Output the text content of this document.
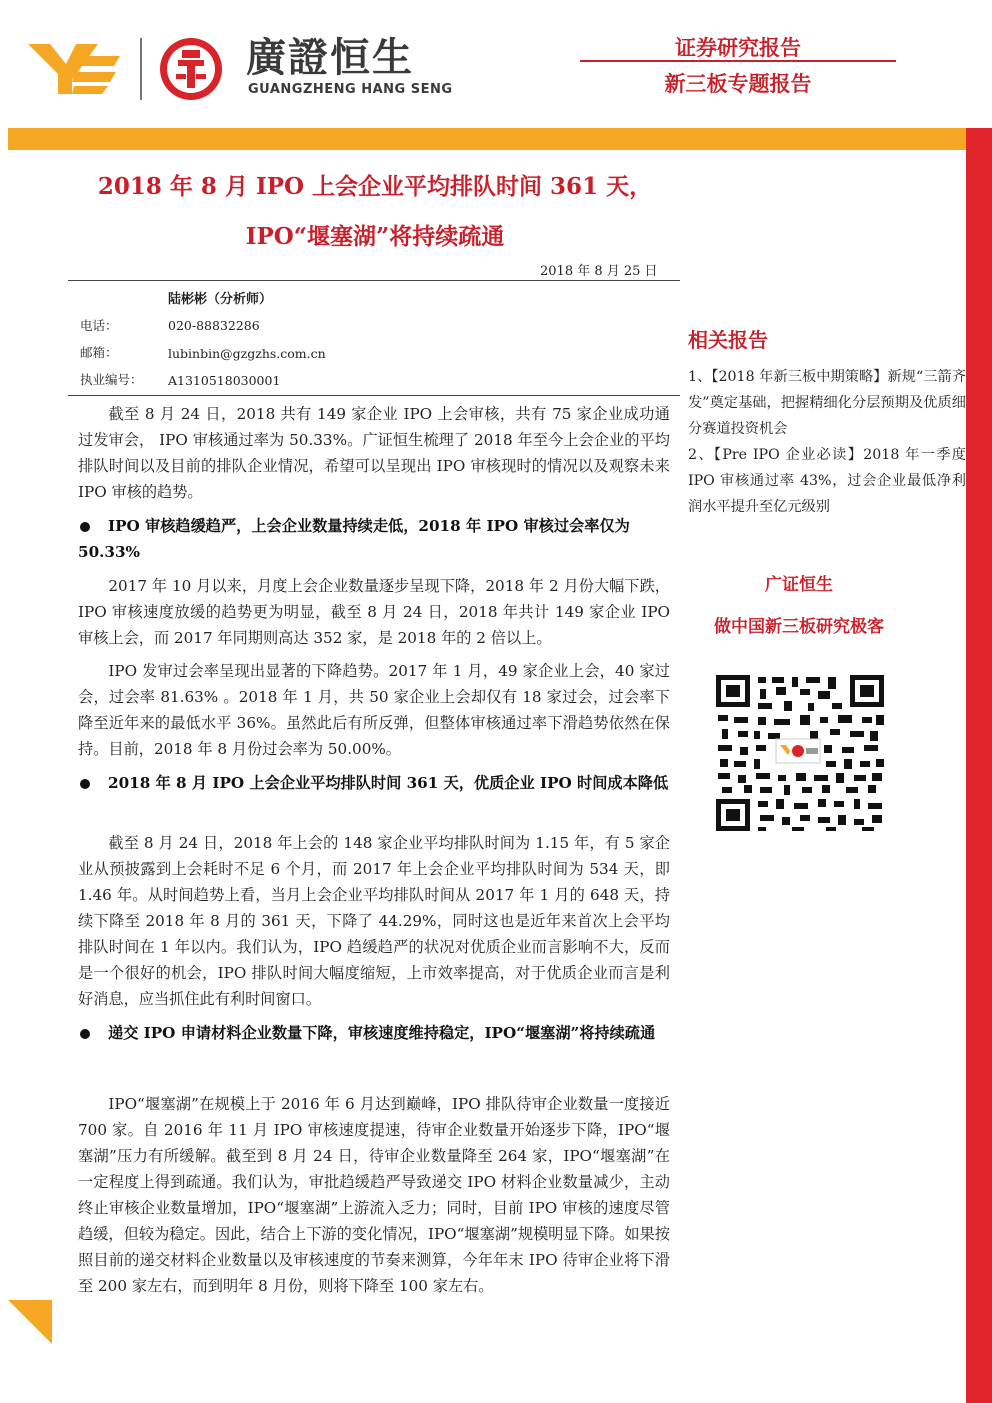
廣證恒生
GUANGZHENG HANG SENG
证券研究报告
新三板专题报告
2018 年 8 月 IPO 上会企业平均排队时间 361 天，
IPO“堰塞湖”将持续疏通
2018 年 8 月 25 日
陆彬彬（分析师）
电话：	020-88832286
邮箱：	lubinbin@gzgzhs.com.cn
执业编号： A1310518030001
截至 8 月 24 日，2018 共有 149 家企业 IPO 上会审核，共有 75 家企业成功通过发审会， IPO 审核通过率为 50.33%。广证恒生梳理了 2018 年至今上会企业的平均排队时间以及目前的排队企业情况，希望可以呈现出 IPO 审核现时的情况以及观察未来 IPO 审核的趋势。
IPO 审核趋缓趋严，上会企业数量持续走低，2018 年 IPO 审核过会率仅为 50.33%
2017 年 10 月以来，月度上会企业数量逐步呈现下降，2018 年 2 月份大幅下跌，IPO 审核速度放缓的趋势更为明显，截至 8 月 24 日，2018 年共计 149 家企业 IPO 审核上会，而 2017 年同期则高达 352 家，是 2018 年的 2 倍以上。
IPO 发审过会率呈现出显著的下降趋势。2017 年 1 月，49 家企业上会，40 家过会，过会率 81.63% 。2018 年 1 月，共 50 家企业上会却仅有 18 家过会，过会率下降至近年来的最低水平 36%。虽然此后有所反弹，但整体审核通过率下滑趋势依然在保持。目前，2018 年 8 月份过会率为 50.00%。
2018 年 8 月 IPO 上会企业平均排队时间 361 天，优质企业 IPO 时间成本降低
截至 8 月 24 日，2018 年上会的 148 家企业平均排队时间为 1.15 年，有 5 家企业从预披露到上会耗时不足 6 个月，而 2017 年上会企业平均排队时间为 534 天，即 1.46 年。从时间趋势上看，当月上会企业平均排队时间从 2017 年 1 月的 648 天，持续下降至 2018 年 8 月的 361 天，下降了 44.29%，同时这也是近年来首次上会平均排队时间在 1 年以内。我们认为，IPO 趋缓趋严的状况对优质企业而言影响不大，反而是一个很好的机会，IPO 排队时间大幅度缩短，上市效率提高，对于优质企业而言是利好消息，应当抓住此有利时间窗口。
递交 IPO 申请材料企业数量下降，审核速度维持稳定，IPO“堰塞湖”将持续疏通
IPO“堰塞湖”在规模上于 2016 年 6 月达到巅峰，IPO 排队待审企业数量一度接近 700 家。自 2016 年 11 月 IPO 审核速度提速，待审企业数量开始逐步下降，IPO“堰塞湖”压力有所缓解。截至到 8 月 24 日，待审企业数量降至 264 家，IPO“堰塞湖”在一定程度上得到疏通。我们认为，审批趋缓趋严导致递交 IPO 材料企业数量减少，主动终止审核企业数量增加，IPO“堰塞湖”上游流入乏力；同时，目前 IPO 审核的速度尽管趋缓，但较为稳定。因此，结合上下游的变化情况，IPO“堰塞湖”规模明显下降。如果按照目前的递交材料企业数量以及审核速度的节奏来测算，今年年末 IPO 待审企业将下滑至 200 家左右，而到明年 8 月份，则将下降至 100 家左右。
相关报告
1、【2018 年新三板中期策略】新规“三箭齐发”奠定基础，把握精细化分层预期及优质细分赛道投资机会
2、【Pre IPO 企业必读】2018 年一季度 IPO 审核通过率 43%，过会企业最低净利润水平提升至亿元级别
广证恒生
做中国新三板研究极客
